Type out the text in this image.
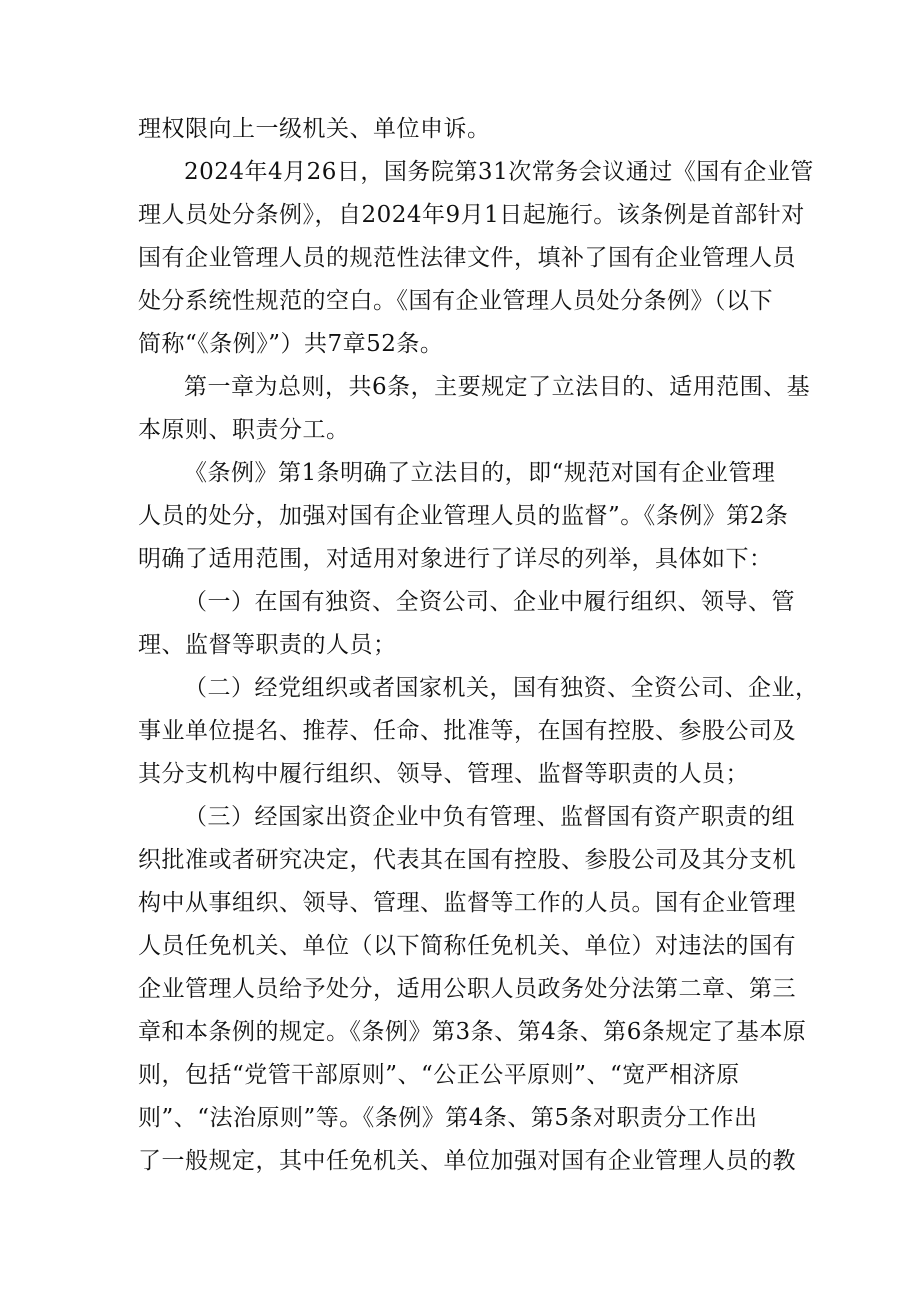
理权限向上一级机关、单位申诉。
2024年4月26日，国务院第31次常务会议通过《国有企业管
理人员处分条例》，自2024年9月1日起施行。该条例是首部针对
国有企业管理人员的规范性法律文件，填补了国有企业管理人员
处分系统性规范的空白。《国有企业管理人员处分条例》（以下
简称“《条例》”）共7章52条。
第一章为总则，共6条，主要规定了立法目的、适用范围、基
本原则、职责分工。
《条例》第1条明确了立法目的，即“规范对国有企业管理
人员的处分，加强对国有企业管理人员的监督”。《条例》第2条
明确了适用范围，对适用对象进行了详尽的列举，具体如下：
（一）在国有独资、全资公司、企业中履行组织、领导、管
理、监督等职责的人员；
（二）经党组织或者国家机关，国有独资、全资公司、企业，
事业单位提名、推荐、任命、批准等，在国有控股、参股公司及
其分支机构中履行组织、领导、管理、监督等职责的人员；
（三）经国家出资企业中负有管理、监督国有资产职责的组
织批准或者研究决定，代表其在国有控股、参股公司及其分支机
构中从事组织、领导、管理、监督等工作的人员。国有企业管理
人员任免机关、单位（以下简称任免机关、单位）对违法的国有
企业管理人员给予处分，适用公职人员政务处分法第二章、第三
章和本条例的规定。《条例》第3条、第4条、第6条规定了基本原
则，包括“党管干部原则”、“公正公平原则”、“宽严相济原
则”、“法治原则”等。《条例》第4条、第5条对职责分工作出
了一般规定，其中任免机关、单位加强对国有企业管理人员的教
